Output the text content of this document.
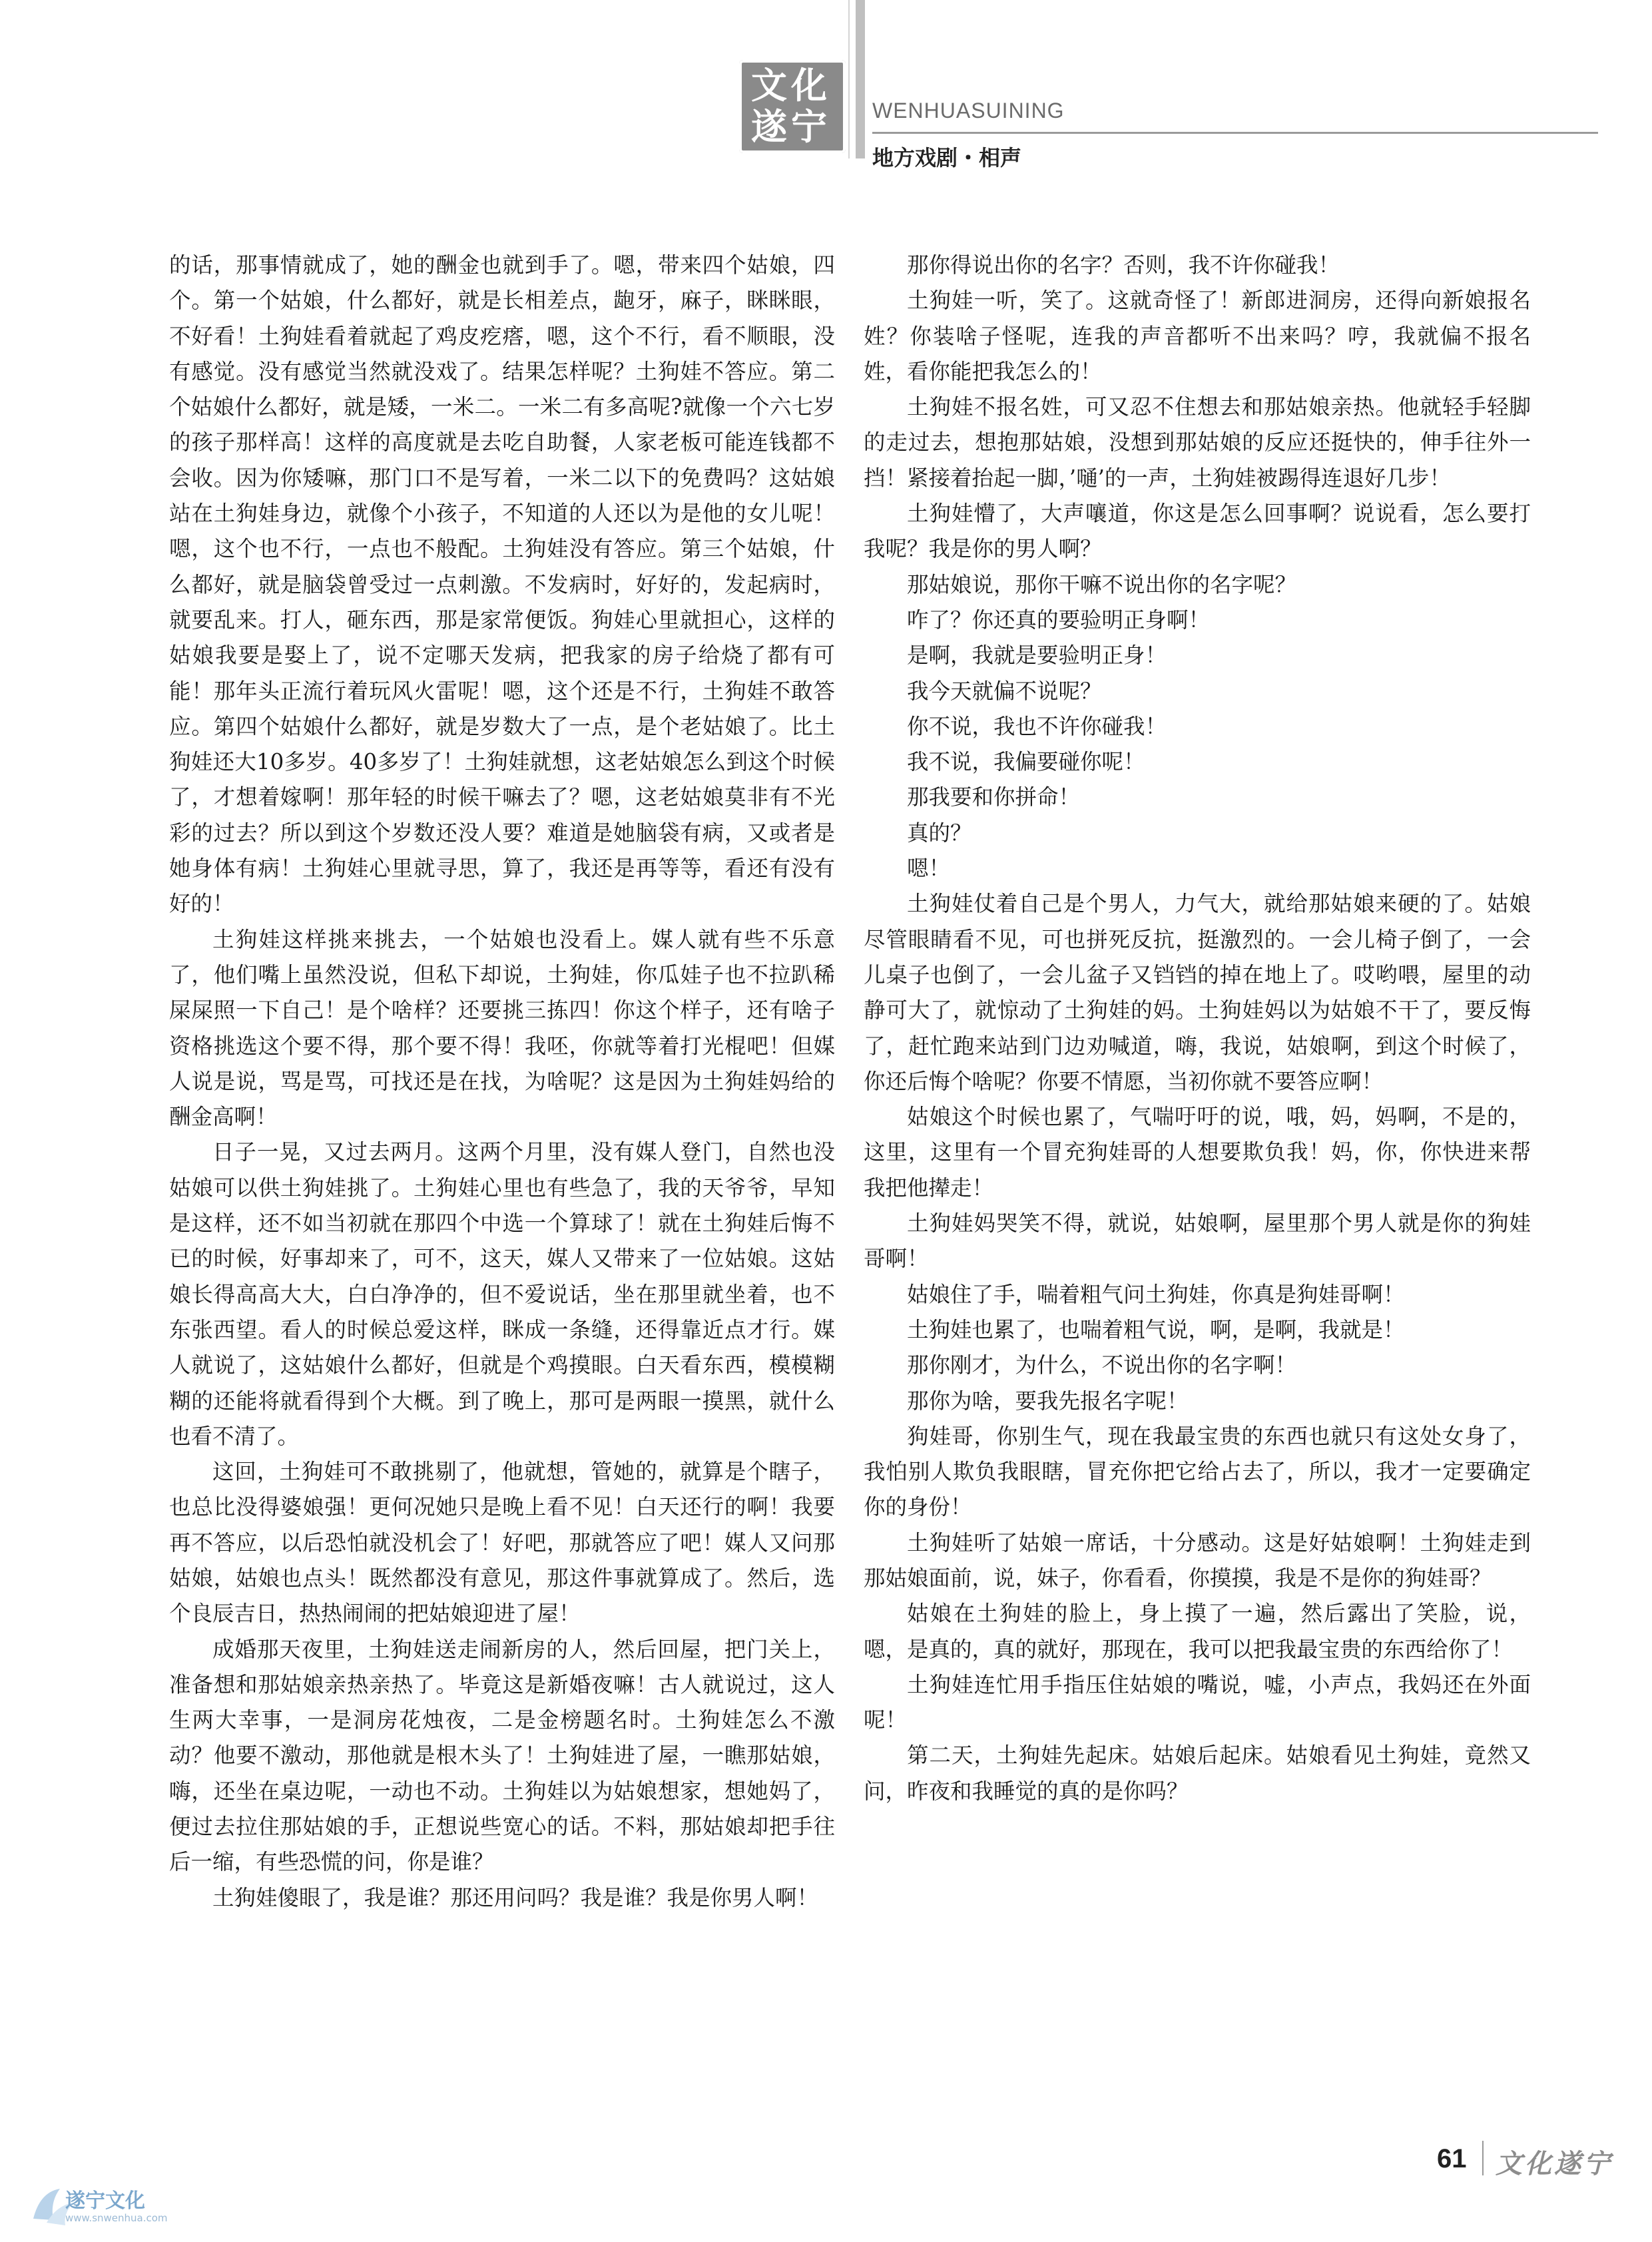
文化
遂宁 WENHUASUINING
地方戏剧・相声

的话，那事情就成了，她的酬金也就到手了。嗯，带来四个姑娘，四个。第一个姑娘，什么都好，就是长相差点，龅牙，麻子，眯眯眼，不好看！土狗娃看着就起了鸡皮疙瘩，嗯，这个不行，看不顺眼，没有感觉。没有感觉当然就没戏了。结果怎样呢？土狗娃不答应。第二个姑娘什么都好，就是矮，一米二。一米二有多高呢?就像一个六七岁的孩子那样高！这样的高度就是去吃自助餐，人家老板可能连钱都不会收。因为你矮嘛，那门口不是写着，一米二以下的免费吗？这姑娘站在土狗娃身边，就像个小孩子，不知道的人还以为是他的女儿呢！嗯，这个也不行，一点也不般配。土狗娃没有答应。第三个姑娘，什么都好，就是脑袋曾受过一点刺激。不发病时，好好的，发起病时，就要乱来。打人，砸东西，那是家常便饭。狗娃心里就担心，这样的姑娘我要是娶上了，说不定哪天发病，把我家的房子给烧了都有可能！那年头正流行着玩风火雷呢！嗯，这个还是不行，土狗娃不敢答应。第四个姑娘什么都好，就是岁数大了一点，是个老姑娘了。比土狗娃还大10多岁。40多岁了！土狗娃就想，这老姑娘怎么到这个时候了，才想着嫁啊！那年轻的时候干嘛去了？嗯，这老姑娘莫非有不光彩的过去？所以到这个岁数还没人要？难道是她脑袋有病，又或者是她身体有病！土狗娃心里就寻思，算了，我还是再等等，看还有没有好的！

土狗娃这样挑来挑去，一个姑娘也没看上。媒人就有些不乐意了，他们嘴上虽然没说，但私下却说，土狗娃，你瓜娃子也不拉趴稀屎屎照一下自己！是个啥样？还要挑三拣四！你这个样子，还有啥子资格挑选这个要不得，那个要不得！我呸，你就等着打光棍吧！但媒人说是说，骂是骂，可找还是在找，为啥呢？这是因为土狗娃妈给的酬金高啊！

日子一晃，又过去两月。这两个月里，没有媒人登门，自然也没姑娘可以供土狗娃挑了。土狗娃心里也有些急了，我的天爷爷，早知是这样，还不如当初就在那四个中选一个算球了！就在土狗娃后悔不已的时候，好事却来了，可不，这天，媒人又带来了一位姑娘。这姑娘长得高高大大，白白净净的，但不爱说话，坐在那里就坐着，也不东张西望。看人的时候总爱这样，眯成一条缝，还得靠近点才行。媒人就说了，这姑娘什么都好，但就是个鸡摸眼。白天看东西，模模糊糊的还能将就看得到个大概。到了晚上，那可是两眼一摸黑，就什么也看不清了。

这回，土狗娃可不敢挑剔了，他就想，管她的，就算是个瞎子，也总比没得婆娘强！更何况她只是晚上看不见！白天还行的啊！我要再不答应，以后恐怕就没机会了！好吧，那就答应了吧！媒人又问那姑娘，姑娘也点头！既然都没有意见，那这件事就算成了。然后，选个良辰吉日，热热闹闹的把姑娘迎进了屋！

成婚那天夜里，土狗娃送走闹新房的人，然后回屋，把门关上，准备想和那姑娘亲热亲热了。毕竟这是新婚夜嘛！古人就说过，这人生两大幸事，一是洞房花烛夜，二是金榜题名时。土狗娃怎么不激动？他要不激动，那他就是根木头了！土狗娃进了屋，一瞧那姑娘，嗨，还坐在桌边呢，一动也不动。土狗娃以为姑娘想家，想她妈了，便过去拉住那姑娘的手，正想说些宽心的话。不料，那姑娘却把手往后一缩，有些恐慌的问，你是谁？

土狗娃傻眼了，我是谁？那还用问吗？我是谁？我是你男人啊！

那你得说出你的名字？否则，我不许你碰我！

土狗娃一听，笑了。这就奇怪了！新郎进洞房，还得向新娘报名姓？你装啥子怪呢，连我的声音都听不出来吗？哼，我就偏不报名姓，看你能把我怎么的！

土狗娃不报名姓，可又忍不住想去和那姑娘亲热。他就轻手轻脚的走过去，想抱那姑娘，没想到那姑娘的反应还挺快的，伸手往外一挡！紧接着抬起一脚，’嗵’的一声，土狗娃被踢得连退好几步！

土狗娃懵了，大声嚷道，你这是怎么回事啊？说说看，怎么要打我呢？我是你的男人啊？

那姑娘说，那你干嘛不说出你的名字呢？

咋了？你还真的要验明正身啊！

是啊，我就是要验明正身！

我今天就偏不说呢？

你不说，我也不许你碰我！

我不说，我偏要碰你呢！

那我要和你拼命！

真的？

嗯！

土狗娃仗着自己是个男人，力气大，就给那姑娘来硬的了。姑娘尽管眼睛看不见，可也拼死反抗，挺激烈的。一会儿椅子倒了，一会儿桌子也倒了，一会儿盆子又铛铛的掉在地上了。哎哟喂，屋里的动静可大了，就惊动了土狗娃的妈。土狗娃妈以为姑娘不干了，要反悔了，赶忙跑来站到门边劝喊道，嗨，我说，姑娘啊，到这个时候了，你还后悔个啥呢？你要不情愿，当初你就不要答应啊！

姑娘这个时候也累了，气喘吁吁的说，哦，妈，妈啊，不是的，这里，这里有一个冒充狗娃哥的人想要欺负我！妈，你，你快进来帮我把他撵走！

土狗娃妈哭笑不得，就说，姑娘啊，屋里那个男人就是你的狗娃哥啊！

姑娘住了手，喘着粗气问土狗娃，你真是狗娃哥啊！

土狗娃也累了，也喘着粗气说，啊，是啊，我就是！

那你刚才，为什么，不说出你的名字啊！

那你为啥，要我先报名字呢！

狗娃哥，你别生气，现在我最宝贵的东西也就只有这处女身了，我怕别人欺负我眼瞎，冒充你把它给占去了，所以，我才一定要确定你的身份！

土狗娃听了姑娘一席话，十分感动。这是好姑娘啊！土狗娃走到那姑娘面前，说，妹子，你看看，你摸摸，我是不是你的狗娃哥？

姑娘在土狗娃的脸上，身上摸了一遍，然后露出了笑脸，说，嗯，是真的，真的就好，那现在，我可以把我最宝贵的东西给你了！

土狗娃连忙用手指压住姑娘的嘴说，嘘，小声点，我妈还在外面呢！

第二天，土狗娃先起床。姑娘后起床。姑娘看见土狗娃，竟然又问，昨夜和我睡觉的真的是你吗？

61 文化遂宁
遂宁文化
www.snwenhua.com
